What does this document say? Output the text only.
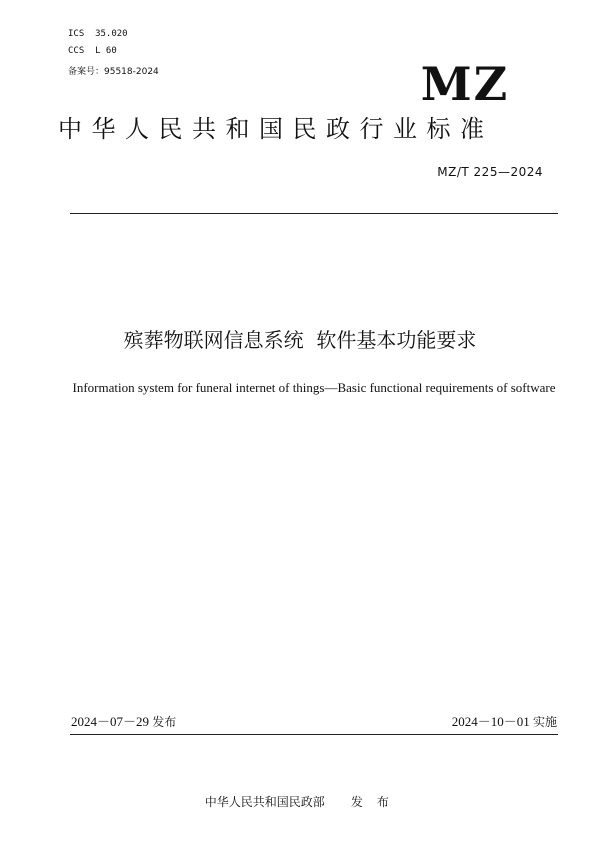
ICS  35.020
CCS  L 60
备案号：95518-2024	MZ
中华人民共和国民政行业标准
MZ/T 225—2024
殡葬物联网信息系统  软件基本功能要求
Information system for funeral internet of things—Basic functional requirements of software
2024－07－29 发布	2024－10－01 实施

中华人民共和国民政部 发布
